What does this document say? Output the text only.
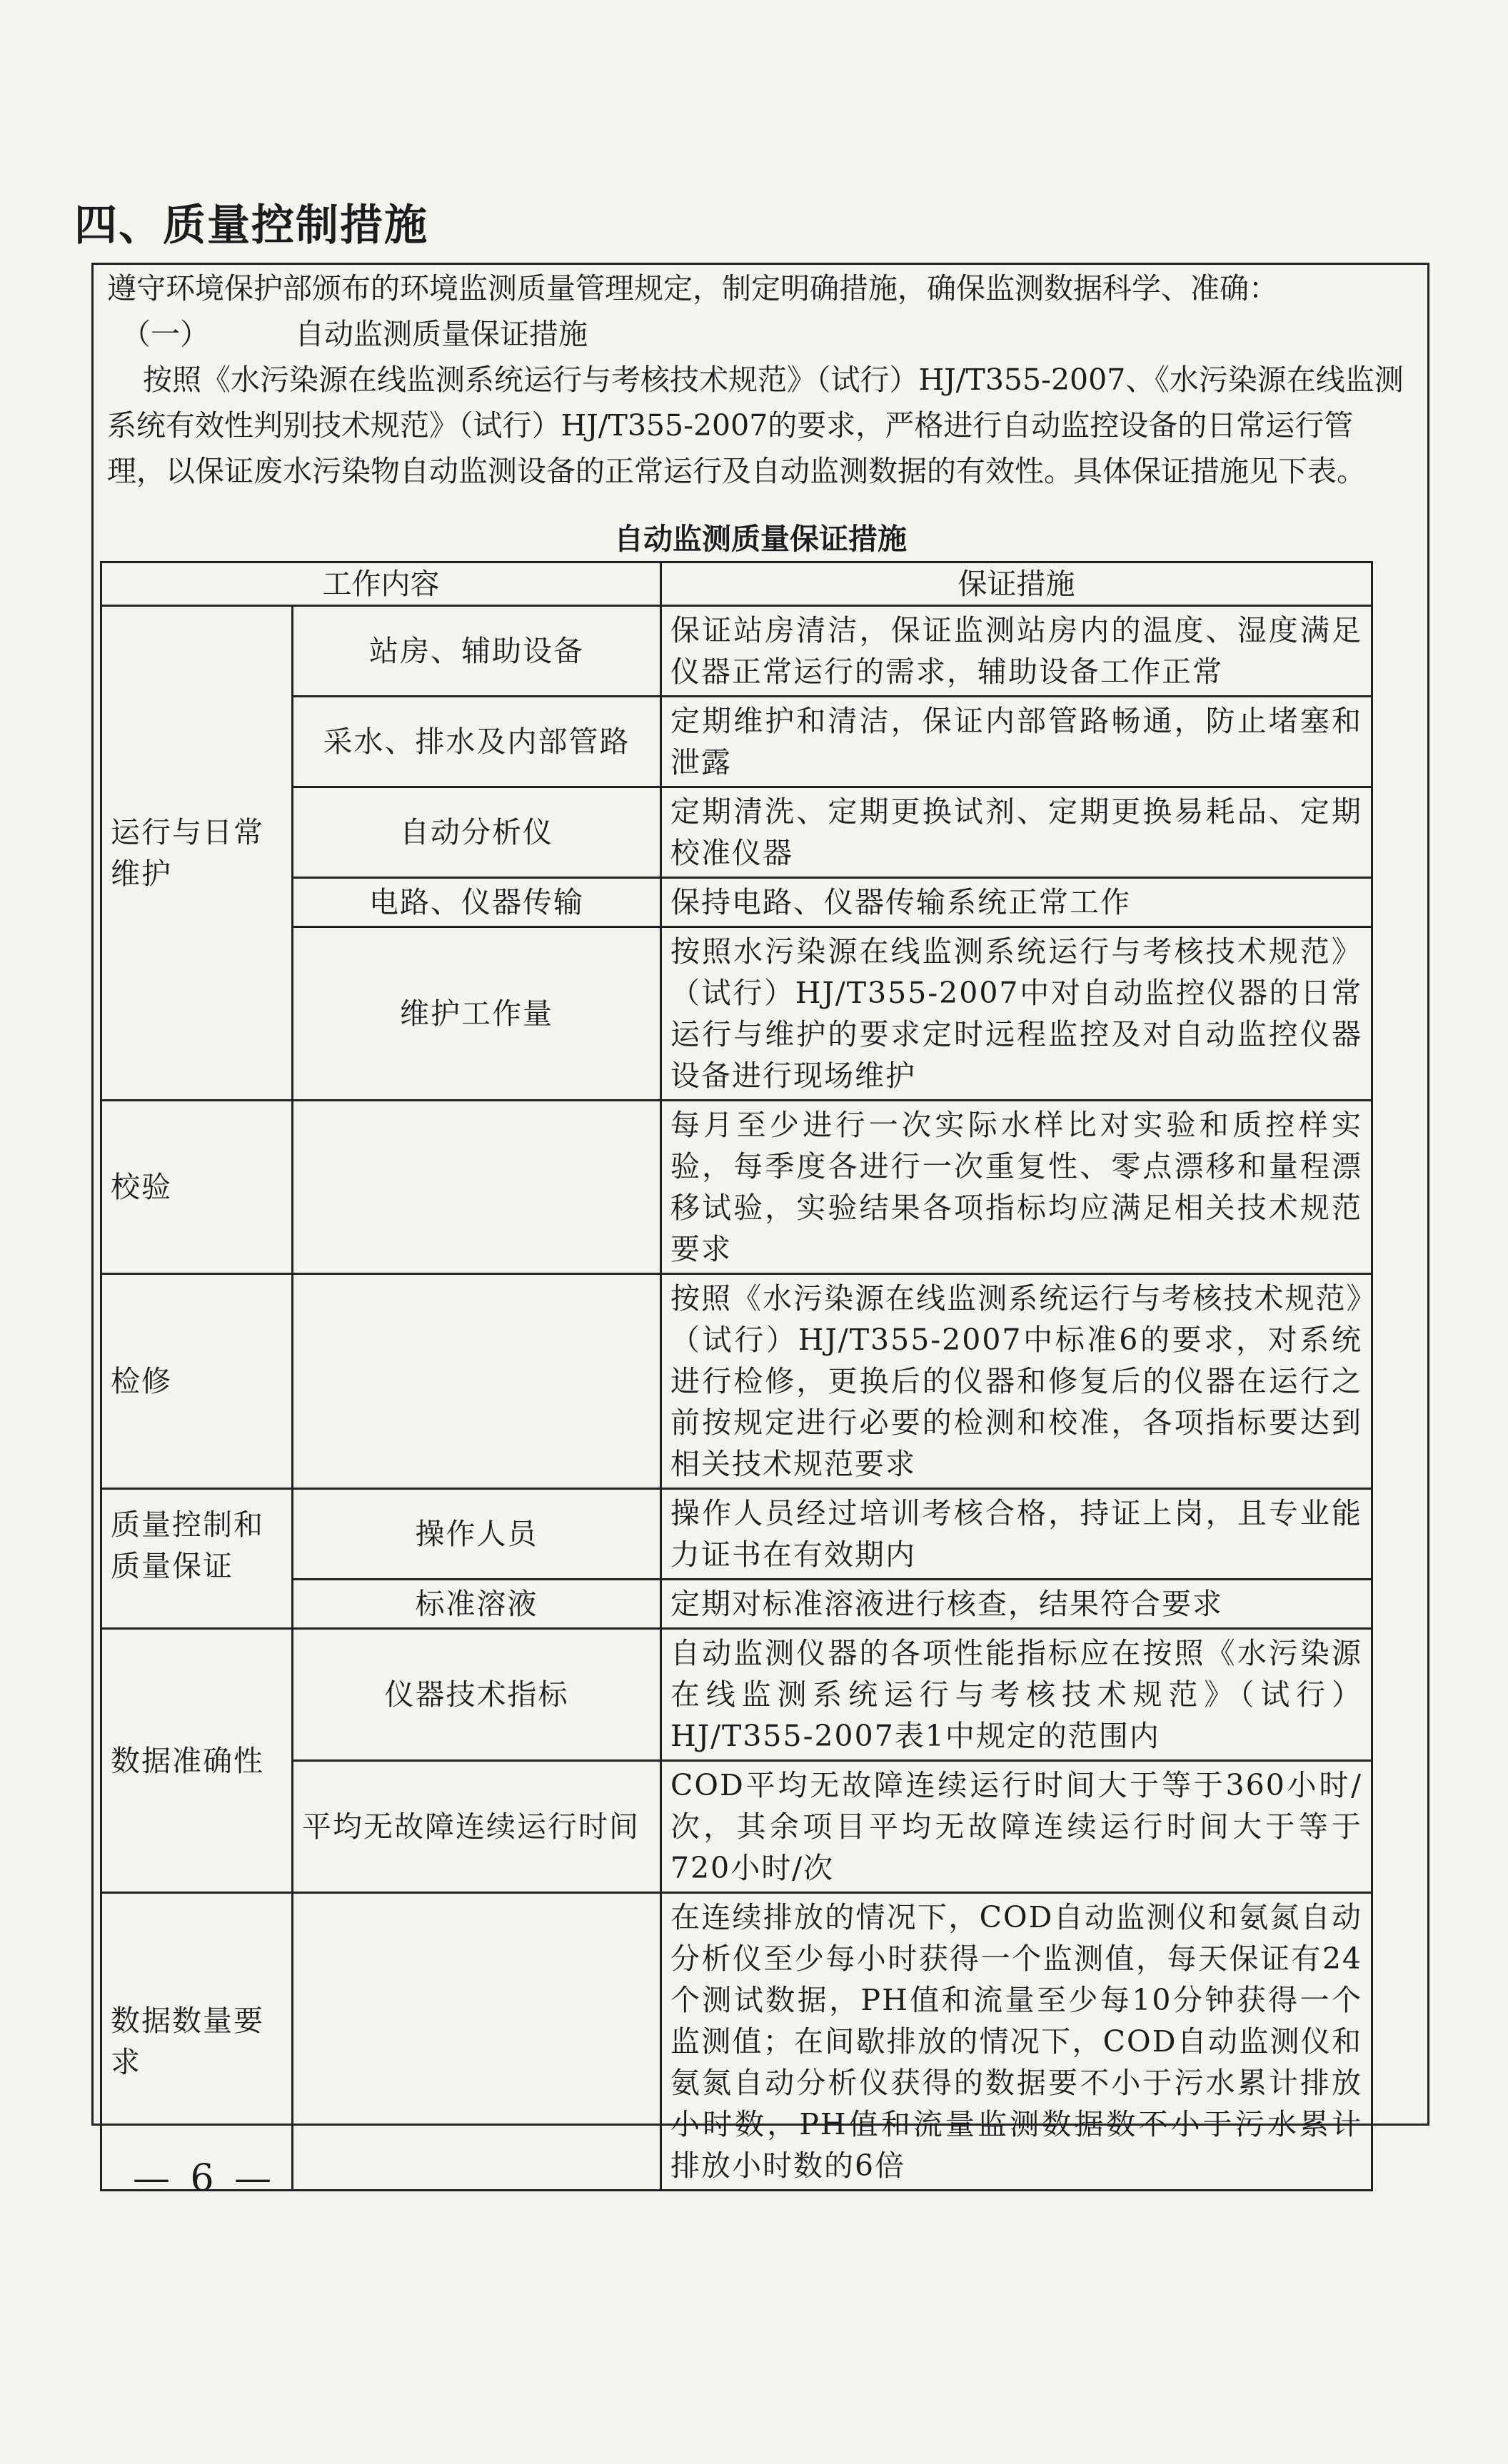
四、质量控制措施

遵守环境保护部颁布的环境监测质量管理规定，制定明确措施，确保监测数据科学、准确：

（一）	自动监测质量保证措施

按照《水污染源在线监测系统运行与考核技术规范》（试行）HJ/T355-2007、《水污染源在线监测系统有效性判别技术规范》（试行）HJ/T355-2007的要求，严格进行自动监控设备的日常运行管理，以保证废水污染物自动监测设备的正常运行及自动监测数据的有效性。具体保证措施见下表。

自动监测质量保证措施

工作内容		保证措施
运行与日常维护	站房、辅助设备	保证站房清洁，保证监测站房内的温度、湿度满足仪器正常运行的需求，辅助设备工作正常
	采水、排水及内部管路	定期维护和清洁，保证内部管路畅通，防止堵塞和泄露
	自动分析仪	定期清洗、定期更换试剂、定期更换易耗品、定期校准仪器
	电路、仪器传输	保持电路、仪器传输系统正常工作
	维护工作量	按照水污染源在线监测系统运行与考核技术规范》（试行）HJ/T355-2007中对自动监控仪器的日常运行与维护的要求定时远程监控及对自动监控仪器设备进行现场维护
校验		每月至少进行一次实际水样比对实验和质控样实验，每季度各进行一次重复性、零点漂移和量程漂移试验，实验结果各项指标均应满足相关技术规范要求
检修		按照《水污染源在线监测系统运行与考核技术规范》（试行）HJ/T355-2007中标准6的要求，对系统进行检修，更换后的仪器和修复后的仪器在运行之前按规定进行必要的检测和校准，各项指标要达到相关技术规范要求
质量控制和质量保证	操作人员	操作人员经过培训考核合格，持证上岗，且专业能力证书在有效期内
	标准溶液	定期对标准溶液进行核查，结果符合要求
数据准确性	仪器技术指标	自动监测仪器的各项性能指标应在按照《水污染源在线监测系统运行与考核技术规范》（试行）HJ/T355-2007表1中规定的范围内
	平均无故障连续运行时间	COD平均无故障连续运行时间大于等于360小时/次，其余项目平均无故障连续运行时间大于等于720小时/次
数据数量要求		在连续排放的情况下，COD自动监测仪和氨氮自动分析仪至少每小时获得一个监测值，每天保证有24个测试数据，PH值和流量至少每10分钟获得一个监测值；在间歇排放的情况下，COD自动监测仪和氨氮自动分析仪获得的数据要不小于污水累计排放小时数，PH值和流量监测数据数不小于污水累计排放小时数的6倍

— 6 —
